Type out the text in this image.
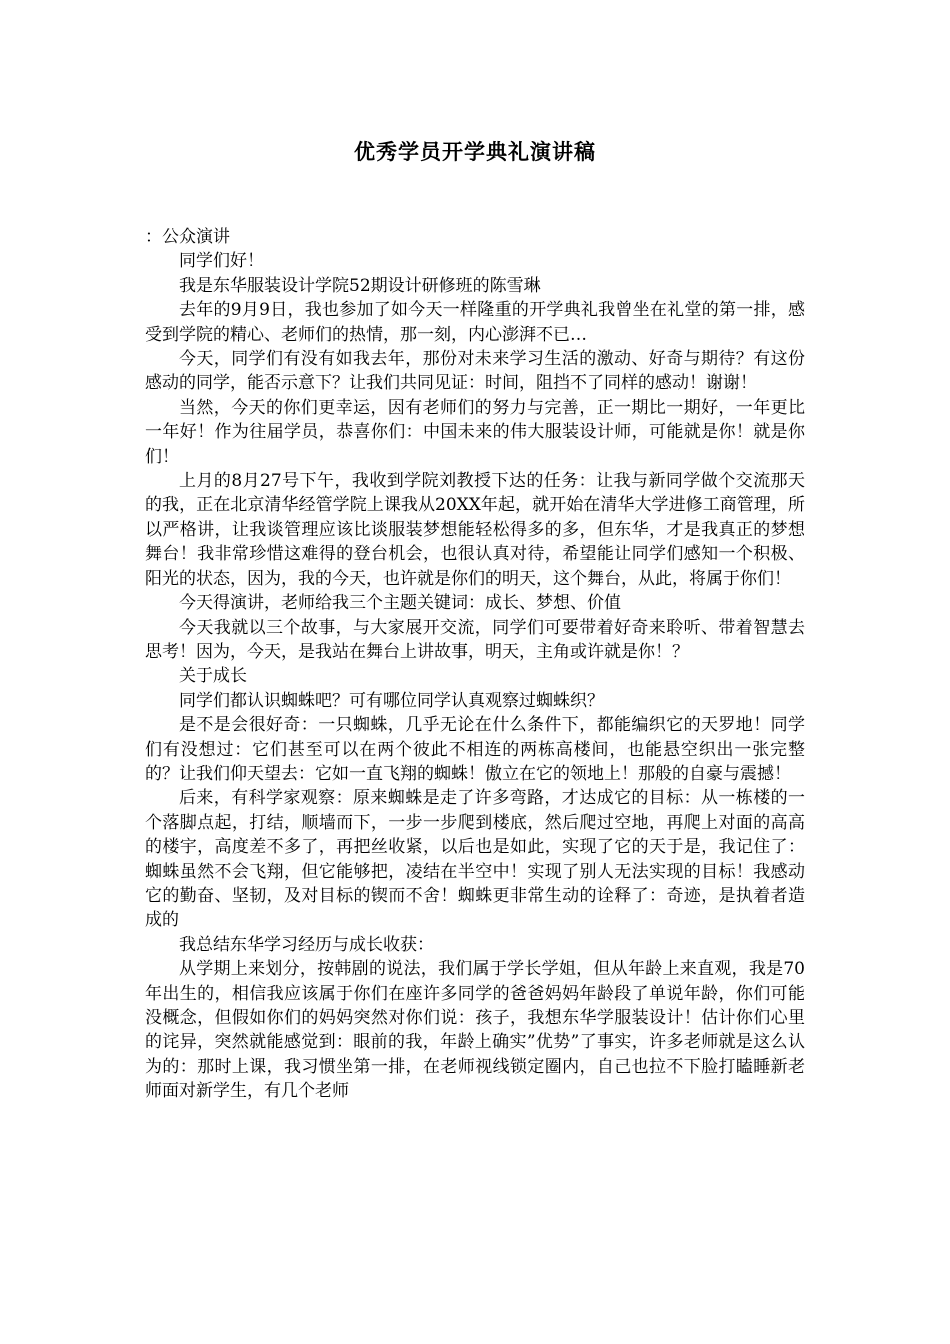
优秀学员开学典礼演讲稿

：公众演讲

同学们好！

我是东华服装设计学院52期设计研修班的陈雪琳

去年的9月9日，我也参加了如今天一样隆重的开学典礼我曾坐在礼堂的第一排，感受到学院的精心、老师们的热情，那一刻，内心澎湃不已…

今天，同学们有没有如我去年，那份对未来学习生活的激动、好奇与期待？有这份感动的同学，能否示意下？让我们共同见证：时间，阻挡不了同样的感动！谢谢！

当然，今天的你们更幸运，因有老师们的努力与完善，正一期比一期好，一年更比一年好！作为往届学员，恭喜你们：中国未来的伟大服装设计师，可能就是你！就是你们！

上月的8月27号下午，我收到学院刘教授下达的任务：让我与新同学做个交流那天的我，正在北京清华经管学院上课我从20XX年起，就开始在清华大学进修工商管理，所以严格讲，让我谈管理应该比谈服装梦想能轻松得多的多，但东华，才是我真正的梦想舞台！我非常珍惜这难得的登台机会，也很认真对待，希望能让同学们感知一个积极、阳光的状态，因为，我的今天，也许就是你们的明天，这个舞台，从此，将属于你们！

今天得演讲，老师给我三个主题关键词：成长、梦想、价值

今天我就以三个故事，与大家展开交流，同学们可要带着好奇来聆听、带着智慧去思考！因为，今天，是我站在舞台上讲故事，明天，主角或许就是你！？

关于成长

同学们都认识蜘蛛吧？可有哪位同学认真观察过蜘蛛织？

是不是会很好奇：一只蜘蛛，几乎无论在什么条件下，都能编织它的天罗地！同学们有没想过：它们甚至可以在两个彼此不相连的两栋高楼间，也能悬空织出一张完整的？让我们仰天望去：它如一直飞翔的蜘蛛！傲立在它的领地上！那般的自豪与震撼！

后来，有科学家观察：原来蜘蛛是走了许多弯路，才达成它的目标：从一栋楼的一个落脚点起，打结，顺墙而下，一步一步爬到楼底，然后爬过空地，再爬上对面的高高的楼宇，高度差不多了，再把丝收紧，以后也是如此，实现了它的天于是，我记住了：蜘蛛虽然不会飞翔，但它能够把，凌结在半空中！实现了别人无法实现的目标！我感动它的勤奋、坚韧，及对目标的锲而不舍！蜘蛛更非常生动的诠释了：奇迹，是执着者造成的

我总结东华学习经历与成长收获：

从学期上来划分，按韩剧的说法，我们属于学长学姐，但从年龄上来直观，我是70年出生的，相信我应该属于你们在座许多同学的爸爸妈妈年龄段了单说年龄，你们可能没概念，但假如你们的妈妈突然对你们说：孩子，我想东华学服装设计！估计你们心里的诧异，突然就能感觉到：眼前的我，年龄上确实”优势”了事实，许多老师就是这么认为的：那时上课，我习惯坐第一排，在老师视线锁定圈内，自己也拉不下脸打瞌睡新老师面对新学生，有几个老师
